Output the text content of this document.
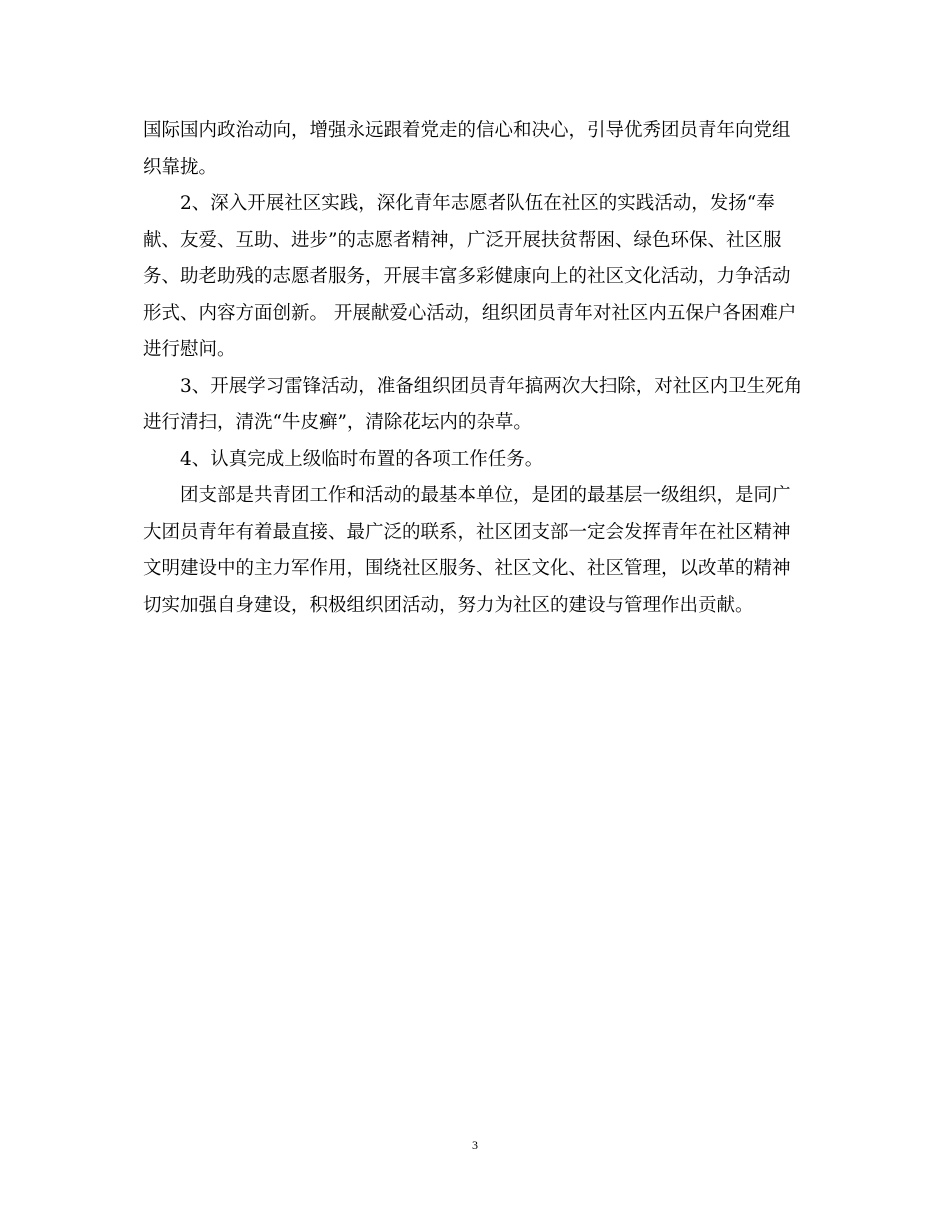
国际国内政治动向，增强永远跟着党走的信心和决心，引导优秀团员青年向党组
织靠拢。
2、深入开展社区实践，深化青年志愿者队伍在社区的实践活动，发扬“奉
献、友爱、互助、进步”的志愿者精神，广泛开展扶贫帮困、绿色环保、社区服
务、助老助残的志愿者服务，开展丰富多彩健康向上的社区文化活动，力争活动
形式、内容方面创新。 开展献爱心活动，组织团员青年对社区内五保户各困难户
进行慰问。
3、开展学习雷锋活动，准备组织团员青年搞两次大扫除，对社区内卫生死角
进行清扫，清洗“牛皮癣”，清除花坛内的杂草。
4、认真完成上级临时布置的各项工作任务。
团支部是共青团工作和活动的最基本单位，是团的最基层一级组织，是同广
大团员青年有着最直接、最广泛的联系，社区团支部一定会发挥青年在社区精神
文明建设中的主力军作用，围绕社区服务、社区文化、社区管理，以改革的精神
切实加强自身建设，积极组织团活动，努力为社区的建设与管理作出贡献。
3
